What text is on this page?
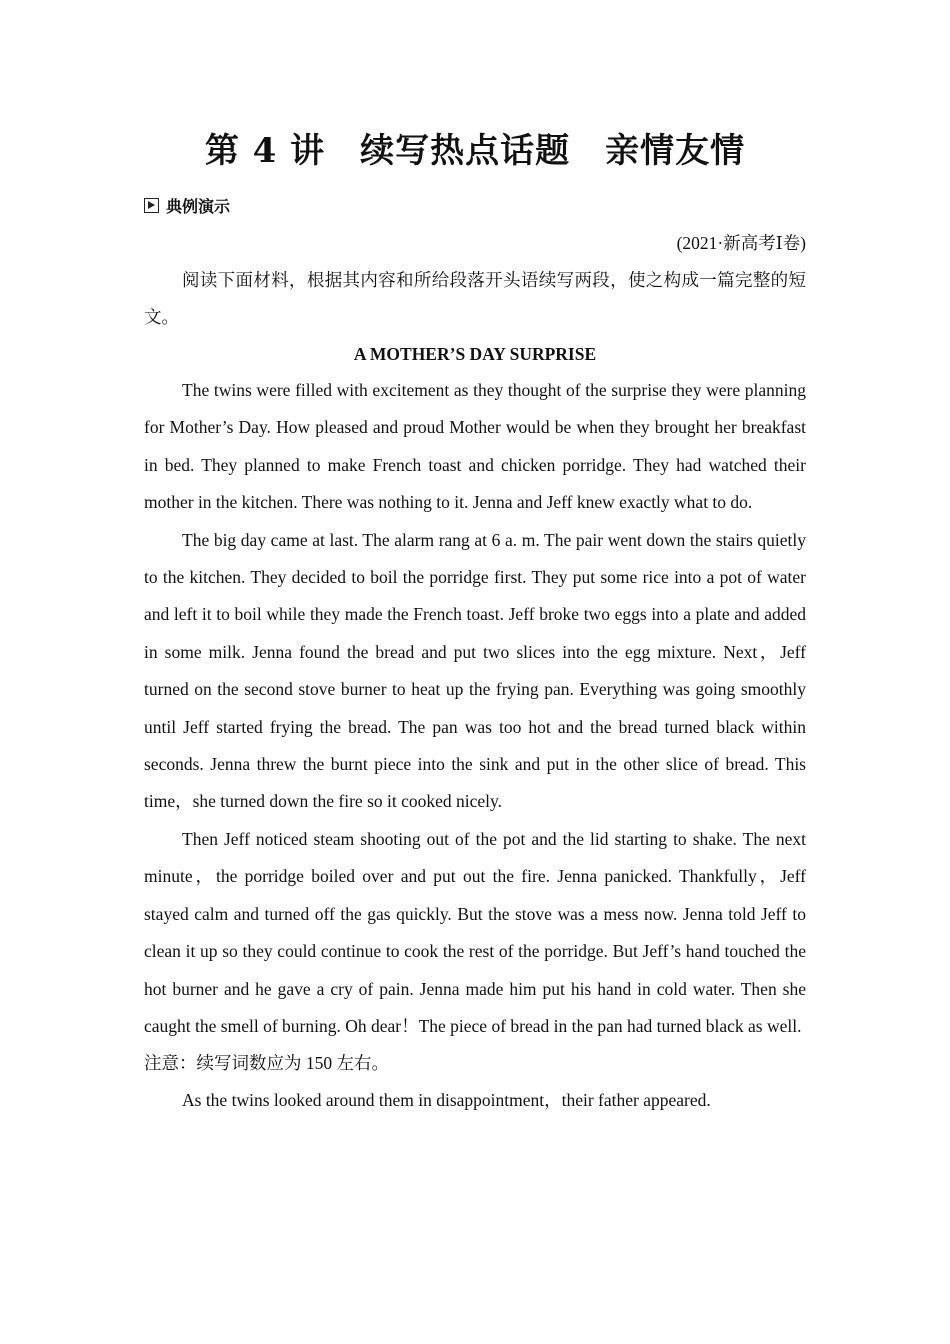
第 4 讲　续写热点话题　亲情友情
典例演示
(2021·新高考Ⅰ卷)

阅读下面材料，根据其内容和所给段落开头语续写两段，使之构成一篇完整的短文。

A MOTHER’S DAY SURPRISE

The twins were filled with excitement as they thought of the surprise they were planning for Mother’s Day. How pleased and proud Mother would be when they brought her breakfast in bed. They planned to make French toast and chicken porridge. They had watched their mother in the kitchen. There was nothing to it. Jenna and Jeff knew exactly what to do.

The big day came at last. The alarm rang at 6 a. m. The pair went down the stairs quietly to the kitchen. They decided to boil the porridge first. They put some rice into a pot of water and left it to boil while they made the French toast. Jeff broke two eggs into a plate and added in some milk. Jenna found the bread and put two slices into the egg mixture. Next，Jeff turned on the second stove burner to heat up the frying pan. Everything was going smoothly until Jeff started frying the bread. The pan was too hot and the bread turned black within seconds. Jenna threw the burnt piece into the sink and put in the other slice of bread. This time，she turned down the fire so it cooked nicely.

Then Jeff noticed steam shooting out of the pot and the lid starting to shake. The next minute，the porridge boiled over and put out the fire. Jenna panicked. Thankfully，Jeff stayed calm and turned off the gas quickly. But the stove was a mess now. Jenna told Jeff to clean it up so they could continue to cook the rest of the porridge. But Jeff’s hand touched the hot burner and he gave a cry of pain. Jenna made him put his hand in cold water. Then she caught the smell of burning. Oh dear！The piece of bread in the pan had turned black as well.

注意：续写词数应为 150 左右。

As the twins looked around them in disappointment，their father appeared.
